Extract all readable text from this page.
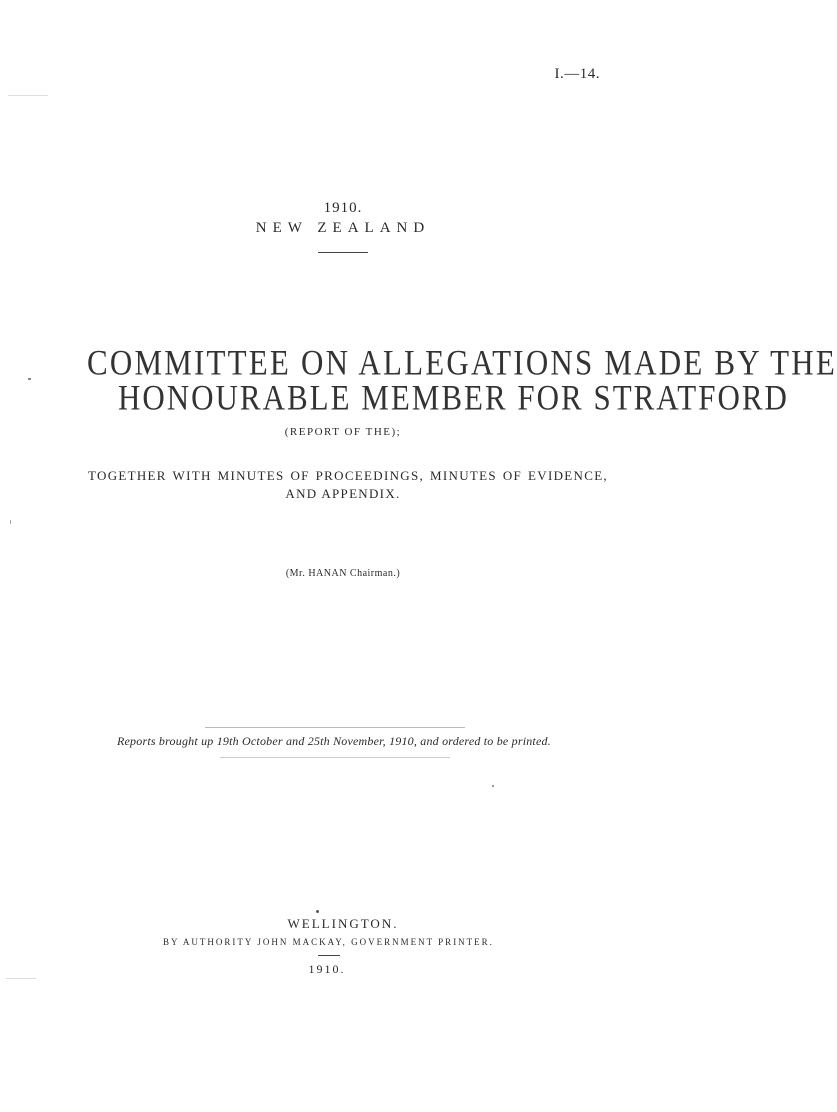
I.—14.
1910.
NEW ZEALAND
COMMITTEE ON ALLEGATIONS MADE BY THE
HONOURABLE MEMBER FOR STRATFORD
(REPORT OF THE);
TOGETHER WITH MINUTES OF PROCEEDINGS, MINUTES OF EVIDENCE,
AND APPENDIX.
(Mr. HANAN Chairman.)
Reports brought up 19th October and 25th November, 1910, and ordered to be printed.
WELLINGTON.
BY AUTHORITY JOHN MACKAY, GOVERNMENT PRINTER.
1910.
